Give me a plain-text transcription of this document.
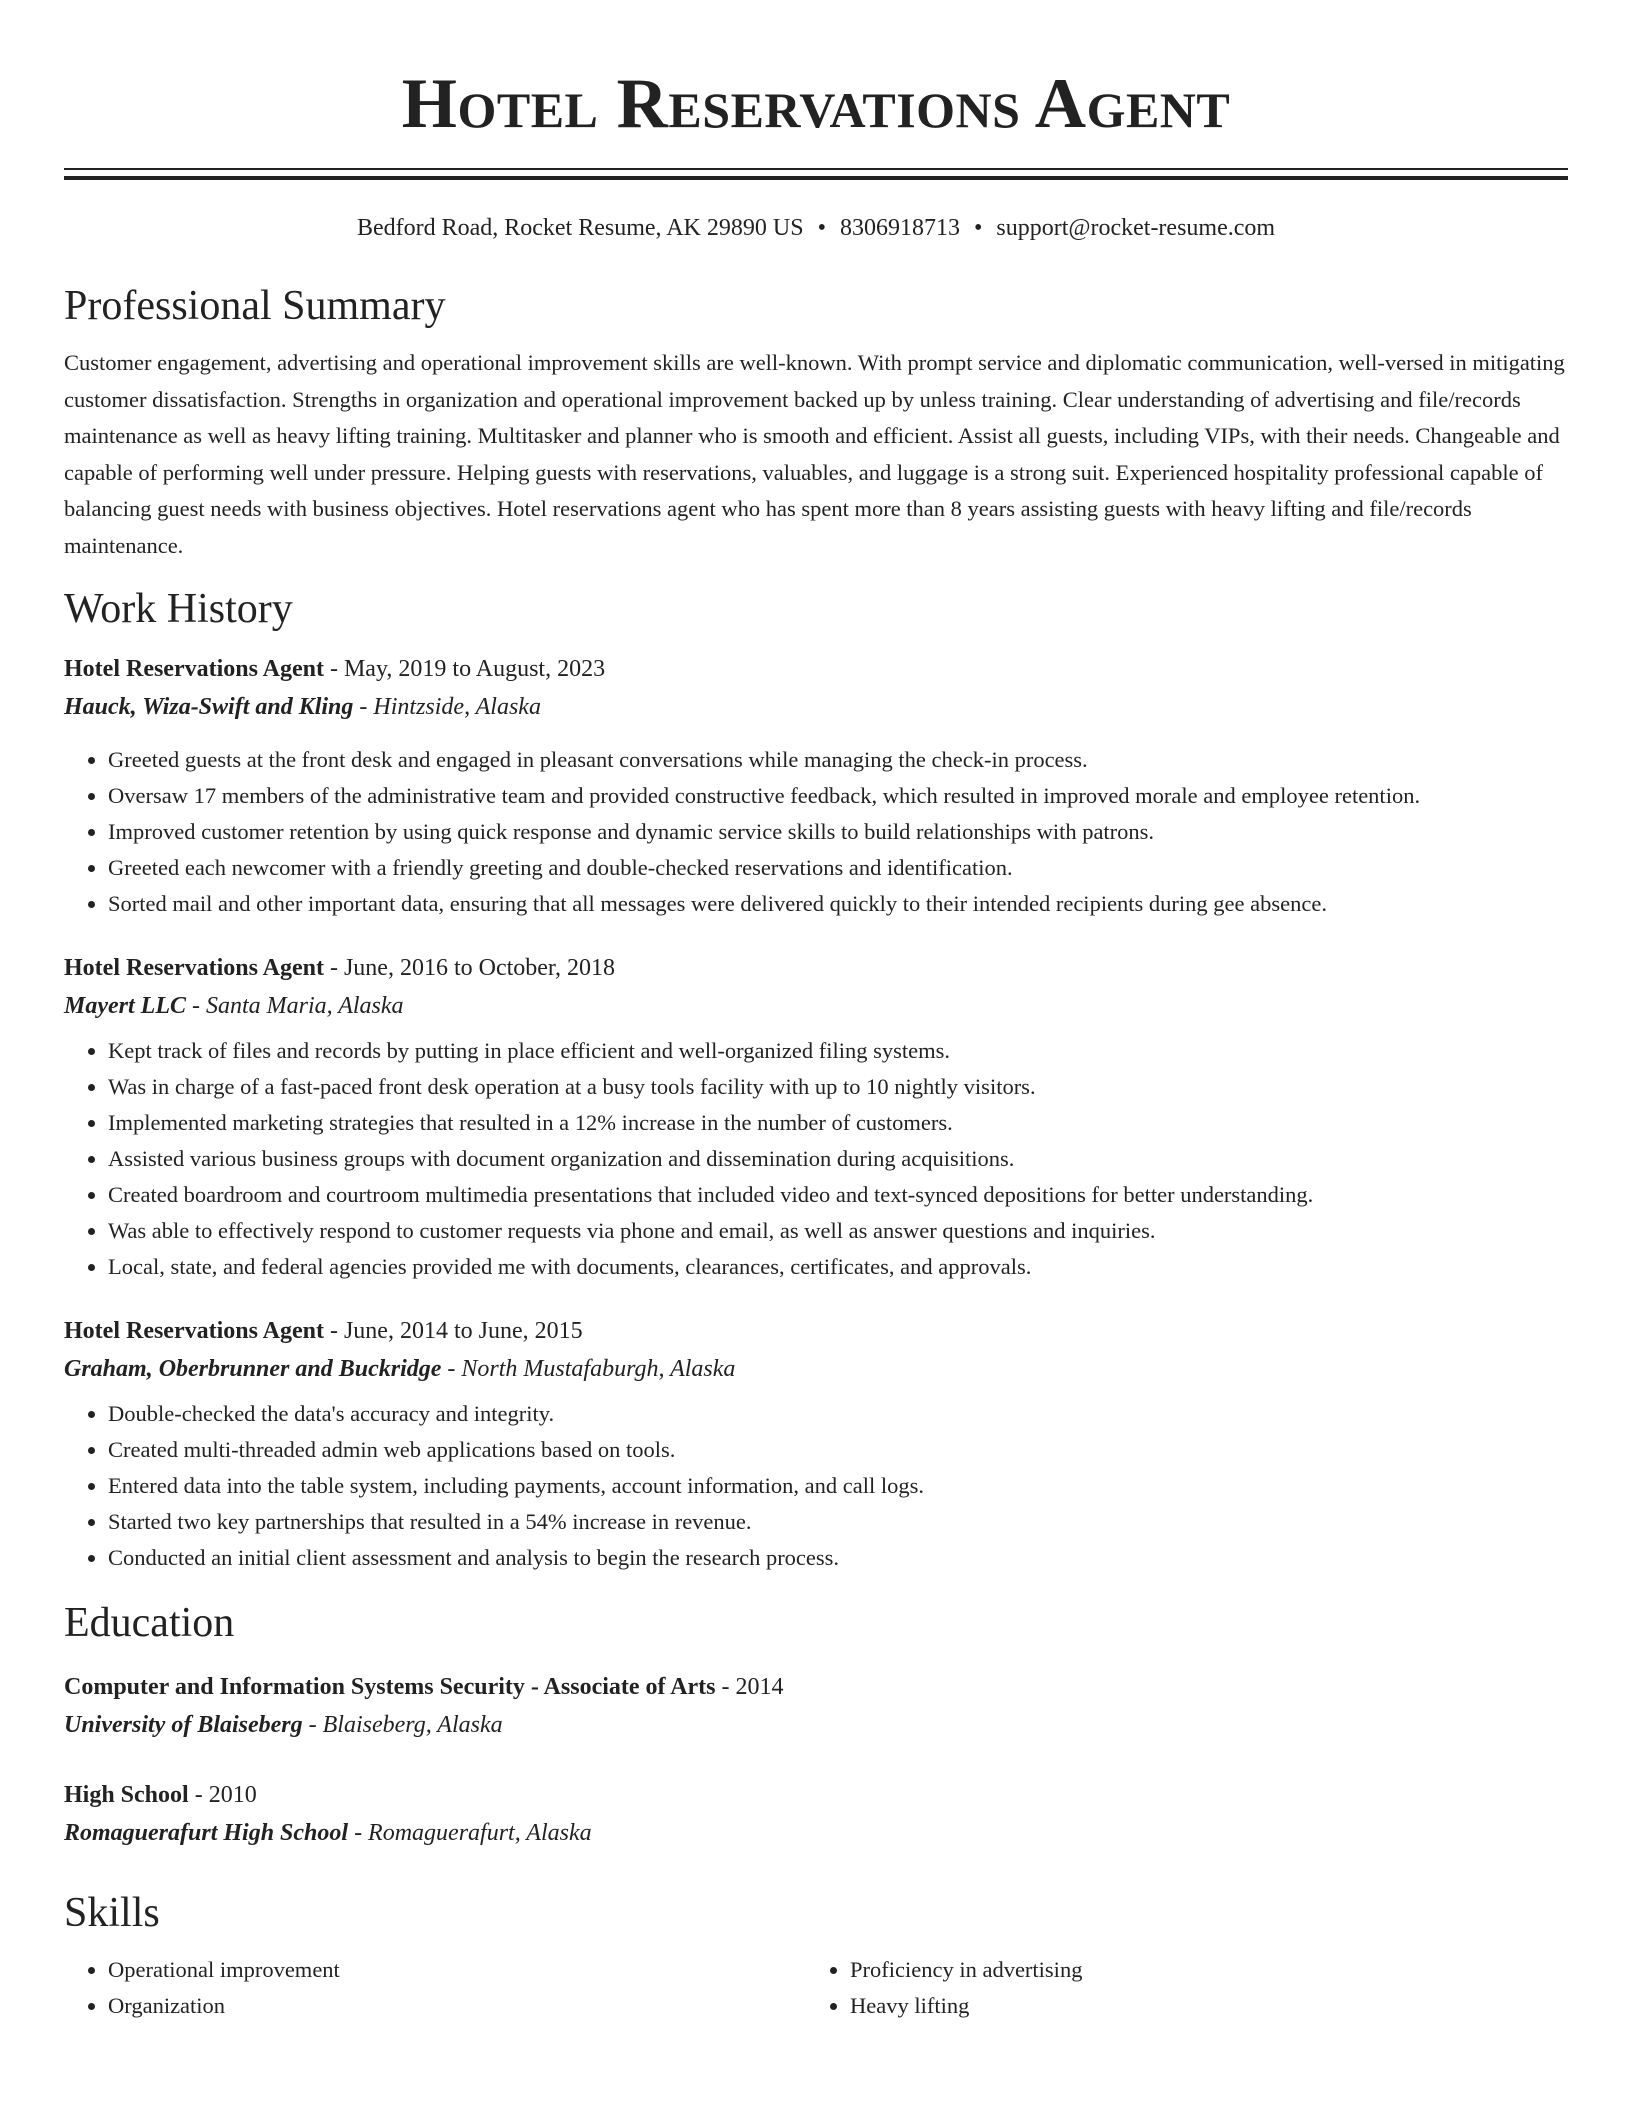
Hotel Reservations Agent
Bedford Road, Rocket Resume, AK 29890 US • 8306918713 • support@rocket-resume.com
Professional Summary
Customer engagement, advertising and operational improvement skills are well-known. With prompt service and diplomatic communication, well-versed in mitigating customer dissatisfaction. Strengths in organization and operational improvement backed up by unless training. Clear understanding of advertising and file/records maintenance as well as heavy lifting training. Multitasker and planner who is smooth and efficient. Assist all guests, including VIPs, with their needs. Changeable and capable of performing well under pressure. Helping guests with reservations, valuables, and luggage is a strong suit. Experienced hospitality professional capable of balancing guest needs with business objectives. Hotel reservations agent who has spent more than 8 years assisting guests with heavy lifting and file/records maintenance.
Work History
Hotel Reservations Agent - May, 2019 to August, 2023
Hauck, Wiza-Swift and Kling - Hintzside, Alaska
• Greeted guests at the front desk and engaged in pleasant conversations while managing the check-in process.
• Oversaw 17 members of the administrative team and provided constructive feedback, which resulted in improved morale and employee retention.
• Improved customer retention by using quick response and dynamic service skills to build relationships with patrons.
• Greeted each newcomer with a friendly greeting and double-checked reservations and identification.
• Sorted mail and other important data, ensuring that all messages were delivered quickly to their intended recipients during gee absence.
Hotel Reservations Agent - June, 2016 to October, 2018
Mayert LLC - Santa Maria, Alaska
• Kept track of files and records by putting in place efficient and well-organized filing systems.
• Was in charge of a fast-paced front desk operation at a busy tools facility with up to 10 nightly visitors.
• Implemented marketing strategies that resulted in a 12% increase in the number of customers.
• Assisted various business groups with document organization and dissemination during acquisitions.
• Created boardroom and courtroom multimedia presentations that included video and text-synced depositions for better understanding.
• Was able to effectively respond to customer requests via phone and email, as well as answer questions and inquiries.
• Local, state, and federal agencies provided me with documents, clearances, certificates, and approvals.
Hotel Reservations Agent - June, 2014 to June, 2015
Graham, Oberbrunner and Buckridge - North Mustafaburgh, Alaska
• Double-checked the data's accuracy and integrity.
• Created multi-threaded admin web applications based on tools.
• Entered data into the table system, including payments, account information, and call logs.
• Started two key partnerships that resulted in a 54% increase in revenue.
• Conducted an initial client assessment and analysis to begin the research process.
Education
Computer and Information Systems Security - Associate of Arts - 2014
University of Blaiseberg - Blaiseberg, Alaska
High School - 2010
Romaguerafurt High School - Romaguerafurt, Alaska
Skills
• Operational improvement
• Organization
• Proficiency in advertising
• Heavy lifting
